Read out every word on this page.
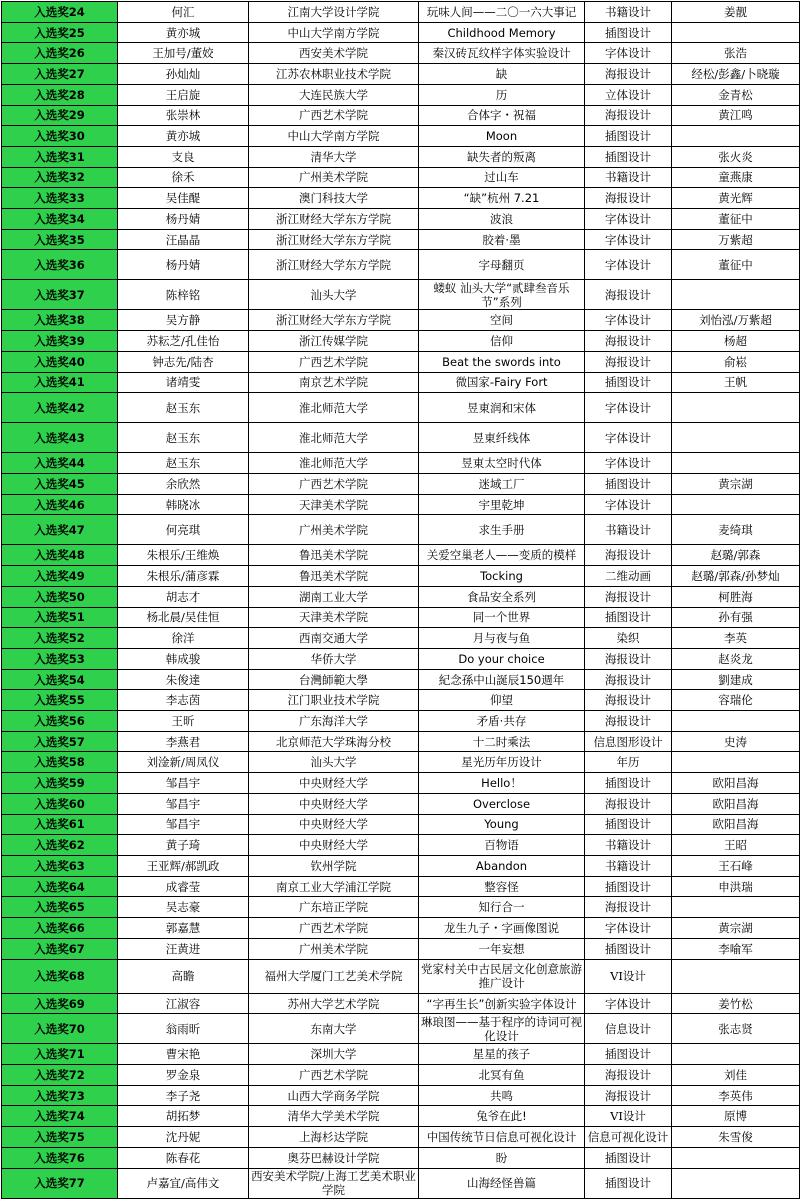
入选奖24	何汇	江南大学设计学院	玩味人间——二〇一六大事记	书籍设计	姜靓
入选奖25	黄亦城	中山大学南方学院	Childhood Memory	插图设计	
入选奖26	王加号/董姣	西安美术学院	秦汉砖瓦纹样字体实验设计	字体设计	张浩
入选奖27	孙灿灿	江苏农林职业技术学院	缺	海报设计	经松/彭鑫/卜晓璇
入选奖28	王启旋	大连民族大学	历	立体设计	金青松
入选奖29	张崇林	广西艺术学院	合体字・祝福	海报设计	黄江鸣
入选奖30	黄亦城	中山大学南方学院	Moon	插图设计	
入选奖31	支良	清华大学	缺失者的叛离	插图设计	张火炎
入选奖32	徐禾	广州美术学院	过山车	书籍设计	童燕康
入选奖33	吴佳醍	澳门科技大学	“缺”杭州 7.21	海报设计	黄光辉
入选奖34	杨丹婧	浙江财经大学东方学院	波浪	字体设计	董征中
入选奖35	汪晶晶	浙江财经大学东方学院	胶着·墨	字体设计	万紫超
入选奖36	杨丹婧	浙江财经大学东方学院	字母翻页	字体设计	董征中
入选奖37	陈梓铭	汕头大学	蝼蚁 汕头大学“贰肆叁音乐节”系列	海报设计	
入选奖38	吴方静	浙江财经大学东方学院	空间	字体设计	刘怡泓/万紫超
入选奖39	苏耘芝/孔佳怡	浙江传媒学院	信仰	海报设计	杨超
入选奖40	钟志先/陆杏	广西艺术学院	Beat the swords into	海报设计	俞崧
入选奖41	诸靖雯	南京艺术学院	微国家-Fairy Fort	插图设计	王帆
入选奖42	赵玉东	淮北师范大学	昱東润和宋体	字体设计	
入选奖43	赵玉东	淮北师范大学	昱東纤线体	字体设计	
入选奖44	赵玉东	淮北师范大学	昱東太空时代体	字体设计	
入选奖45	余欣然	广西艺术学院	迷域工厂	插图设计	黄宗湖
入选奖46	韩晓冰	天津美术学院	宇里乾坤	字体设计	
入选奖47	何亮琪	广州美术学院	求生手册	书籍设计	麦绮琪
入选奖48	朱根乐/王维焕	鲁迅美术学院	关爱空巢老人——变质的模样	海报设计	赵璐/郭森
入选奖49	朱根乐/蒲彦霖	鲁迅美术学院	Tocking	二维动画	赵璐/郭森/孙梦灿
入选奖50	胡志才	湖南工业大学	食品安全系列	海报设计	柯胜海
入选奖51	杨北晨/吴佳恒	天津美术学院	同一个世界	插图设计	孙有强
入选奖52	徐洋	西南交通大学	月与夜与鱼	染织	李英
入选奖53	韩成骏	华侨大学	Do your choice	海报设计	赵炎龙
入选奖54	朱俊達	台灣師範大學	紀念孫中山誕辰150週年	海报设计	劉建成
入选奖55	李志茵	江门职业技术学院	仰望	海报设计	容瑞伦
入选奖56	王昕	广东海洋大学	矛盾·共存	海报设计	
入选奖57	李燕君	北京师范大学珠海分校	十二时乘法	信息图形设计	史涛
入选奖58	刘淦新/周凤仪	汕头大学	星光历年历设计	年历	
入选奖59	邹昌宇	中央财经大学	Hello！	插图设计	欧阳昌海
入选奖60	邹昌宇	中央财经大学	Overclose	海报设计	欧阳昌海
入选奖61	邹昌宇	中央财经大学	Young	插图设计	欧阳昌海
入选奖62	黄子琦	中央财经大学	百物语	书籍设计	王昭
入选奖63	王亚辉/郝凯政	钦州学院	Abandon	书籍设计	王石峰
入选奖64	成睿莹	南京工业大学浦江学院	整容怪	插图设计	申洪瑞
入选奖65	吴志豪	广东培正学院	知行合一	海报设计	
入选奖66	郭嘉慧	广西艺术学院	龙生九子・字画像图说	字体设计	黄宗湖
入选奖67	汪黄进	广州美术学院	一年妄想	插图设计	李喻军
入选奖68	高瞻	福州大学厦门工艺美术学院	党家村关中古民居文化创意旅游推广设计	VI设计	
入选奖69	江淑容	苏州大学艺术学院	“字再生长”创新实验字体设计	字体设计	姜竹松
入选奖70	翁雨昕	东南大学	琳琅图——基于程序的诗词可视化设计	信息设计	张志贤
入选奖71	曹宋艳	深圳大学	星星的孩子	插图设计	
入选奖72	罗金泉	广西艺术学院	北冥有鱼	海报设计	刘佳
入选奖73	李子尧	山西大学商务学院	共鸣	海报设计	李英伟
入选奖74	胡拓梦	清华大学美术学院	兔爷在此!	VI设计	原博
入选奖75	沈丹妮	上海杉达学院	中国传统节日信息可视化设计	信息可视化设计	朱雪俊
入选奖76	陈春花	奥芬巴赫设计学院	盼	插图设计	
入选奖77	卢嘉宜/高伟文	西安美术学院/上海工艺美术职业学院	山海经怪兽篇	插图设计	
